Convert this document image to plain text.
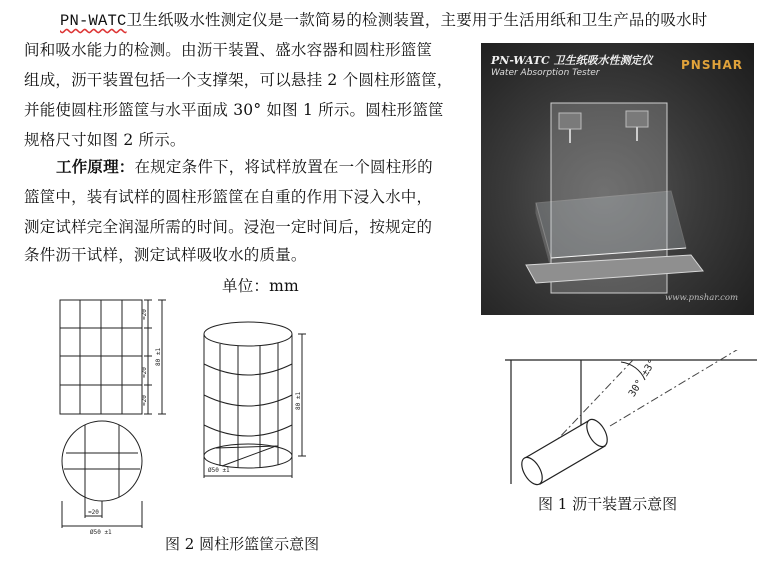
PN-WATC卫生纸吸水性测定仪是一款简易的检测装置，主要用于生活用纸和卫生产品的吸水时
间和吸水能力的检测。由沥干装置、盛水容器和圆柱形篮筐
组成，沥干装置包括一个支撑架，可以悬挂 2 个圆柱形篮筐，
并能使圆柱形篮筐与水平面成 30° 如图 1 所示。圆柱形篮筐
规格尺寸如图 2 所示。
工作原理：在规定条件下，将试样放置在一个圆柱形的
篮筐中，装有试样的圆柱形篮筐在自重的作用下浸入水中，
测定试样完全润湿所需的时间。浸泡一定时间后，按规定的
条件沥干试样，测定试样吸收水的质量。
单位：mm
PN-WATC 卫生纸吸水性测定仪
Water Absorption Tester
PNSHAR
www.pnshar.com
≈20
≈20
≈20
80 ±1
≈20
Ø50 ±1
80 ±1
Ø50 ±1
图 2 圆柱形篮筐示意图
30° ±3°
图 1 沥干装置示意图
